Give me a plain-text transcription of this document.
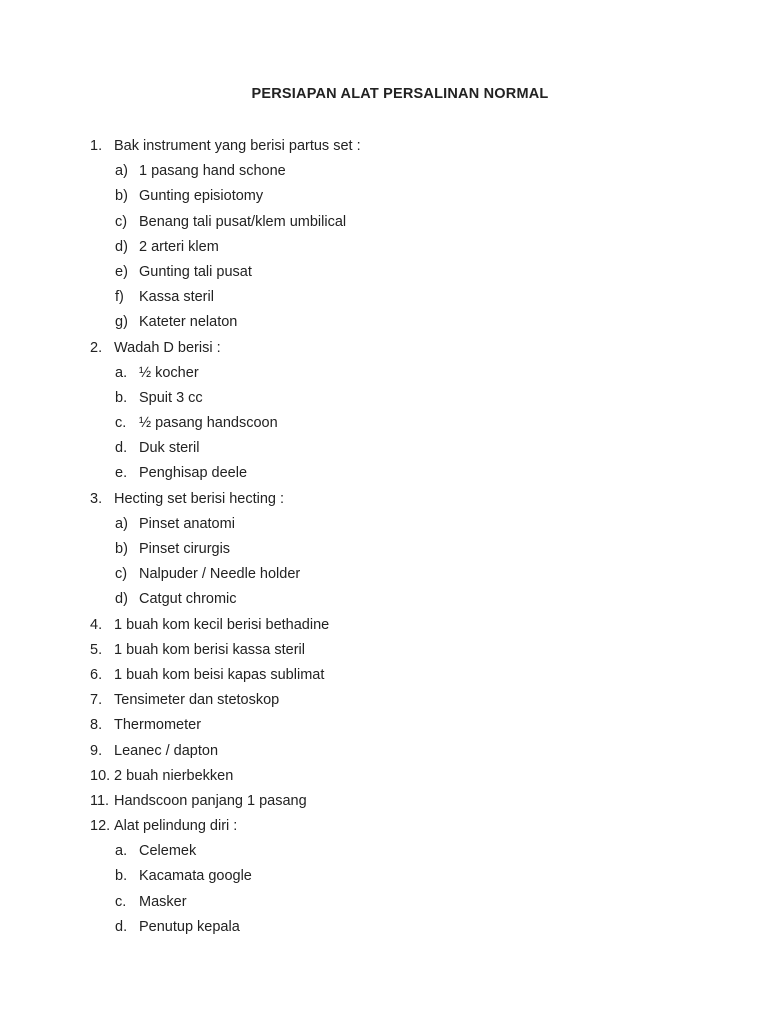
PERSIAPAN ALAT PERSALINAN NORMAL
1. Bak instrument yang berisi partus set :
a) 1 pasang hand schone
b) Gunting episiotomy
c) Benang tali pusat/klem umbilical
d) 2 arteri klem
e) Gunting tali pusat
f) Kassa steril
g) Kateter nelaton
2. Wadah D berisi :
a. ½ kocher
b. Spuit 3 cc
c. ½ pasang handscoon
d. Duk steril
e. Penghisap deele
3. Hecting set berisi hecting :
a) Pinset anatomi
b) Pinset cirurgis
c) Nalpuder / Needle holder
d) Catgut chromic
4. 1 buah kom kecil berisi bethadine
5. 1 buah kom berisi kassa steril
6. 1 buah kom beisi kapas sublimat
7. Tensimeter dan stetoskop
8. Thermometer
9. Leanec / dapton
10. 2 buah nierbekken
11. Handscoon panjang 1 pasang
12. Alat pelindung diri :
a. Celemek
b. Kacamata google
c. Masker
d. Penutup kepala
